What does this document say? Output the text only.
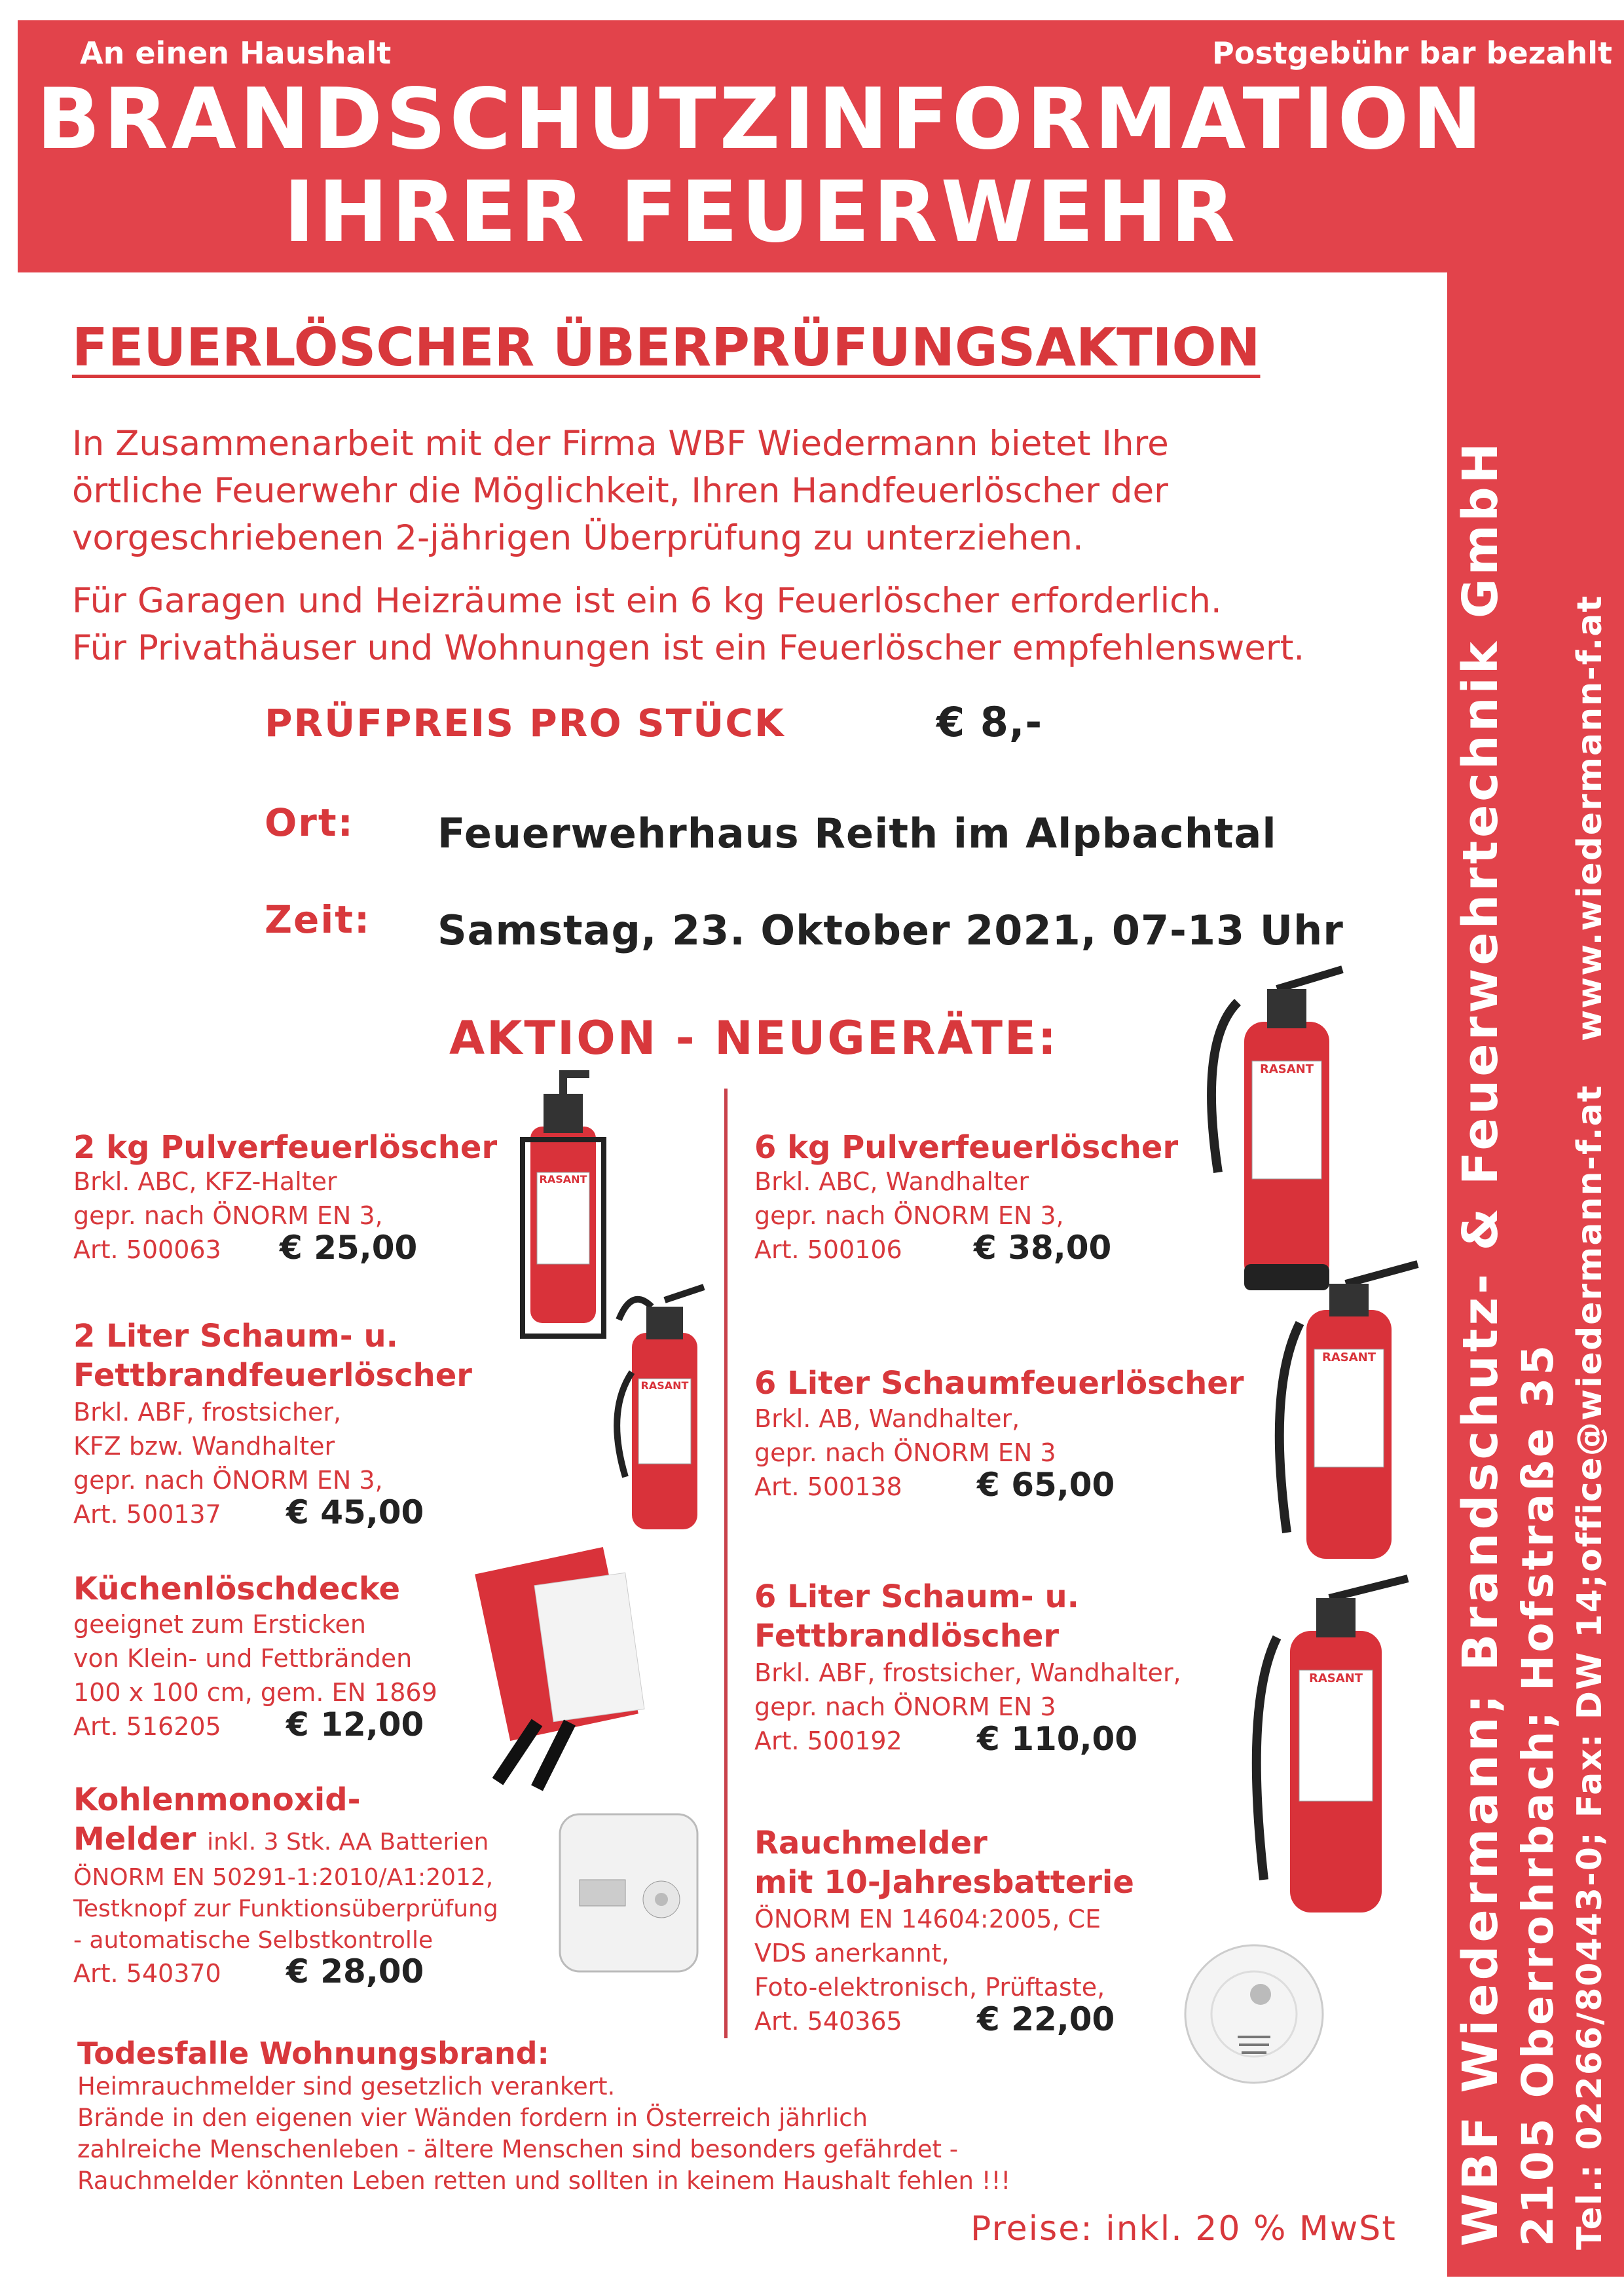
An einen Haushalt	Postgebühr bar bezahlt
BRANDSCHUTZINFORMATION
IHRER FEUERWEHR
WBF Wiedermann; Brandschutz- & Feuerwehrtechnik GmbH 2105 Oberrohrbach; Hofstraße 35 Tel.: 02266/80443-0; Fax: DW 14;
office@wiedermann-f.at
www.wiedermann-f.at
FEUERLÖSCHER ÜBERPRÜFUNGSAKTION
In Zusammenarbeit mit der Firma WBF Wiedermann bietet Ihre
örtliche Feuerwehr die Möglichkeit, Ihren Handfeuerlöscher der
vorgeschriebenen 2-jährigen Überprüfung zu unterziehen.
Für Garagen und Heizräume ist ein 6 kg Feuerlöscher erforderlich.
Für Privathäuser und Wohnungen ist ein Feuerlöscher empfehlenswert.
PRÜFPREIS PRO STÜCK	€ 8,-
Ort: Feuerwehrhaus Reith im Alpbachtal
Zeit: Samstag, 23. Oktober 2021, 07-13 Uhr
AKTION - NEUGERÄTE:
2 kg Pulverfeuerlöscher
Brkl. ABC, KFZ-Halter
gepr. nach ÖNORM EN 3,
Art. 500063 € 25,00
2 Liter Schaum- u.
Fettbrandfeuerlöscher
Brkl. ABF, frostsicher,
KFZ bzw. Wandhalter
gepr. nach ÖNORM EN 3,
Art. 500137 € 45,00
Küchenlöschdecke
geeignet zum Ersticken
von Klein- und Fettbränden
100 x 100 cm, gem. EN 1869
Art. 516205 € 12,00
Kohlenmonoxid-
Melder inkl. 3 Stk. AA Batterien
ÖNORM EN 50291-1:2010/A1:2012,
Testknopf zur Funktionsüberprüfung
- automatische Selbstkontrolle
Art. 540370 € 28,00
6 kg Pulverfeuerlöscher
Brkl. ABC, Wandhalter
gepr. nach ÖNORM EN 3,
Art. 500106 € 38,00
6 Liter Schaumfeuerlöscher
Brkl. AB, Wandhalter,
gepr. nach ÖNORM EN 3
Art. 500138 € 65,00
6 Liter Schaum- u.
Fettbrandlöscher
Brkl. ABF, frostsicher, Wandhalter,
gepr. nach ÖNORM EN 3
Art. 500192 € 110,00
Rauchmelder
mit 10-Jahresbatterie
ÖNORM EN 14604:2005, CE
VDS anerkannt,
Foto-elektronisch, Prüftaste,
Art. 540365 € 22,00
Todesfalle Wohnungsbrand:
Heimrauchmelder sind gesetzlich verankert.
Brände in den eigenen vier Wänden fordern in Österreich jährlich
zahlreiche Menschenleben - ältere Menschen sind besonders gefährdet -
Rauchmelder könnten Leben retten und sollten in keinem Haushalt fehlen !!!
Preise: inkl. 20 % MwSt
RASANT
RASANT
RASANT
RASANT
RASANT
